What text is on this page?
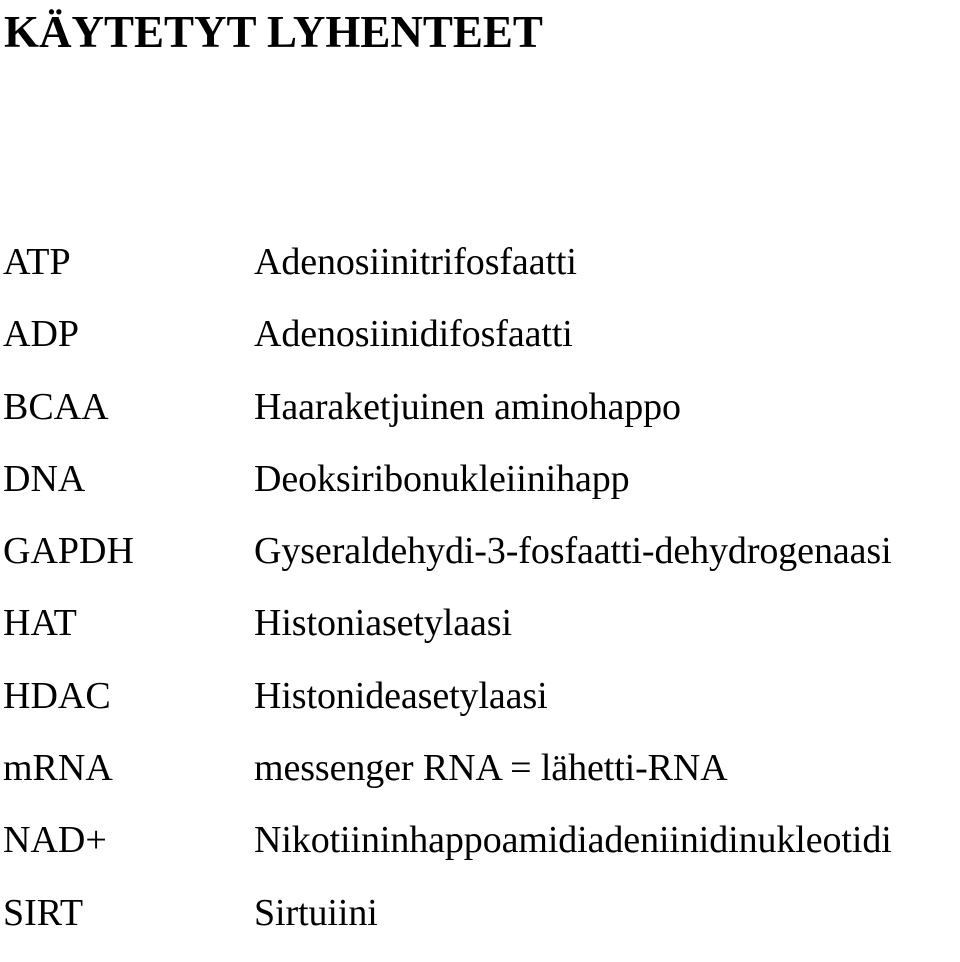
KÄYTETYT LYHENTEET
ATP	Adenosiinitrifosfaatti
ADP	Adenosiinidifosfaatti
BCAA	Haaraketjuinen aminohappo
DNA	Deoksiribonukleiinihapp
GAPDH	Gyseraldehydi-3-fosfaatti-dehydrogenaasi
HAT	Histoniasetylaasi
HDAC	Histonideasetylaasi
mRNA	messenger RNA = lähetti-RNA
NAD+	Nikotiininhappoamidiadeniinidinukleotidi
SIRT	Sirtuiini
